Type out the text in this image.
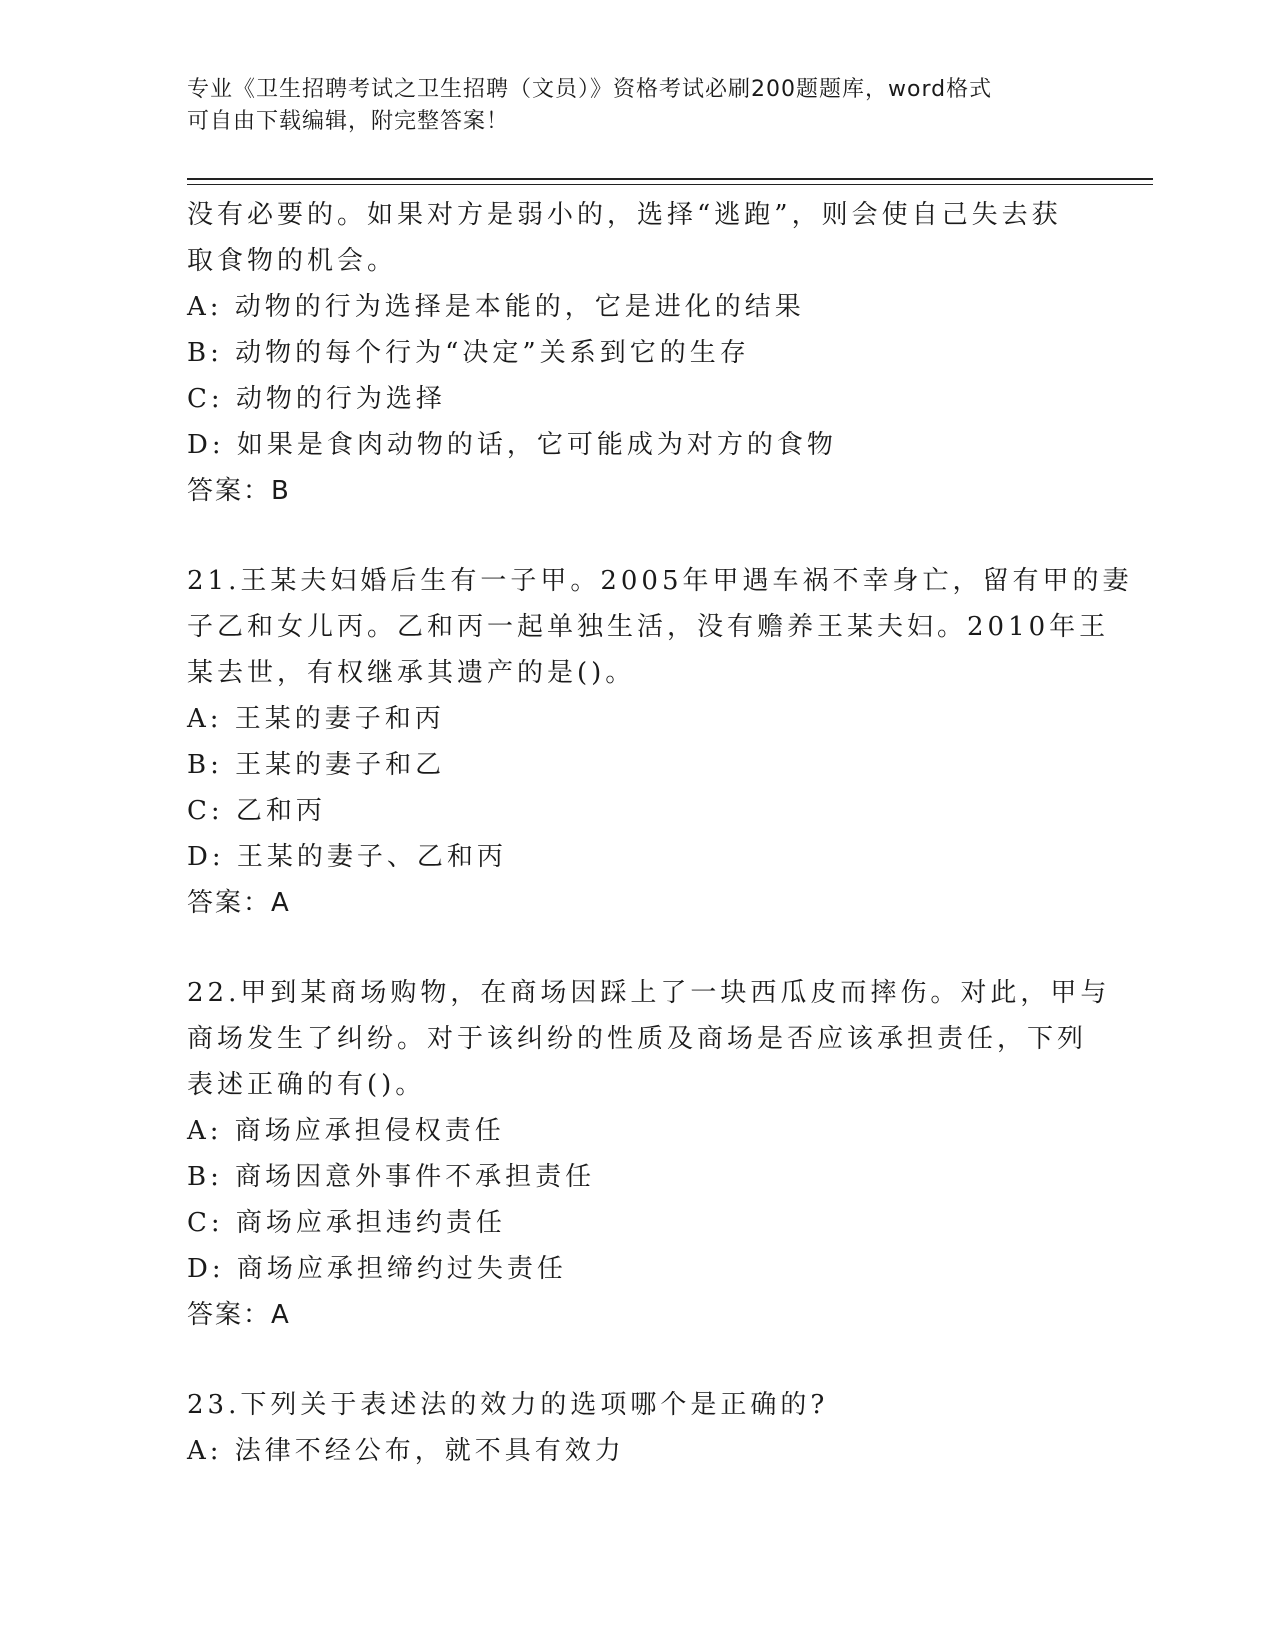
专业《卫生招聘考试之卫生招聘（文员）》资格考试必刷200题题库，word格式
可自由下载编辑，附完整答案！
没有必要的。如果对方是弱小的，选择“逃跑”，则会使自己失去获
取食物的机会。
A: 动物的行为选择是本能的，它是进化的结果
B: 动物的每个行为“决定”关系到它的生存
C: 动物的行为选择
D: 如果是食肉动物的话，它可能成为对方的食物
答案：B
21.王某夫妇婚后生有一子甲。2005年甲遇车祸不幸身亡，留有甲的妻
子乙和女儿丙。乙和丙一起单独生活，没有赡养王某夫妇。2010年王
某去世，有权继承其遗产的是()。
A: 王某的妻子和丙
B: 王某的妻子和乙
C: 乙和丙
D: 王某的妻子、乙和丙
答案：A
22.甲到某商场购物，在商场因踩上了一块西瓜皮而摔伤。对此，甲与
商场发生了纠纷。对于该纠纷的性质及商场是否应该承担责任，下列
表述正确的有()。
A: 商场应承担侵权责任
B: 商场因意外事件不承担责任
C: 商场应承担违约责任
D: 商场应承担缔约过失责任
答案：A
23.下列关于表述法的效力的选项哪个是正确的?
A: 法律不经公布，就不具有效力
